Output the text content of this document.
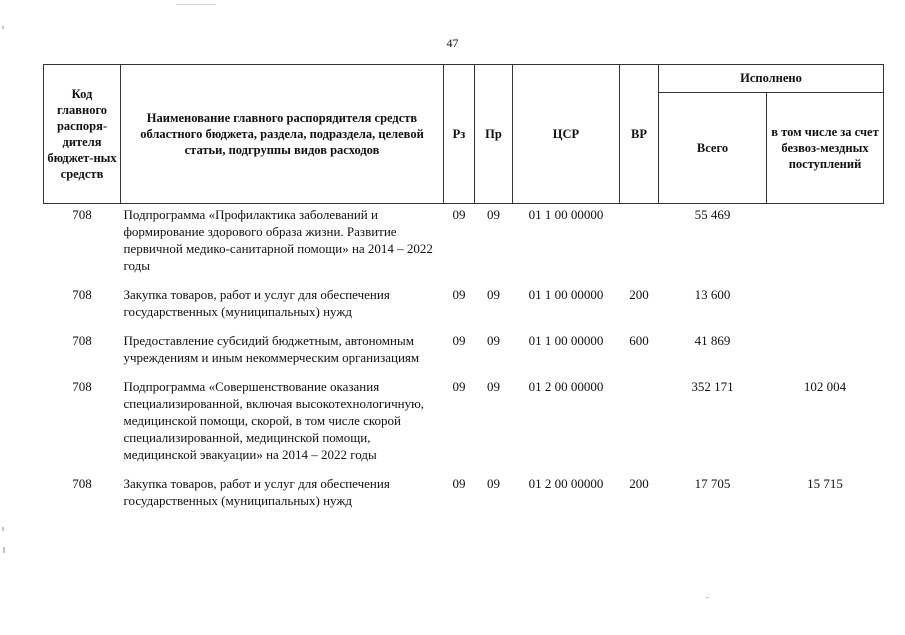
47
Код главного распоря-дителя бюджет-ных средств	Наименование главного распорядителя средств областного бюджета, раздела, подраздела, целевой статьи, подгруппы видов расходов	Рз	Пр	ЦСР	ВР	Исполнено	
						Всего	в том числе за счет безвоз-мездных поступлений
708	Подпрограмма «Профилактика заболеваний и формирование здорового образа жизни. Развитие первичной медико-санитарной помощи» на 2014 – 2022 годы	09	09	01 1 00 00000		55 469	
708	Закупка товаров, работ и услуг для обеспечения государственных (муниципальных) нужд	09	09	01 1 00 00000	200	13 600	
708	Предоставление субсидий бюджетным, автономным учреждениям и иным некоммерческим организациям	09	09	01 1 00 00000	600	41 869	
708	Подпрограмма «Совершенствование оказания специализированной, включая высокотехнологичную, медицинской помощи, скорой, в том числе скорой специализированной, медицинской помощи, медицинской эвакуации» на 2014 – 2022 годы	09	09	01 2 00 00000		352 171	102 004
708	Закупка товаров, работ и услуг для обеспечения государственных (муниципальных) нужд	09	09	01 2 00 00000	200	17 705	15 715
